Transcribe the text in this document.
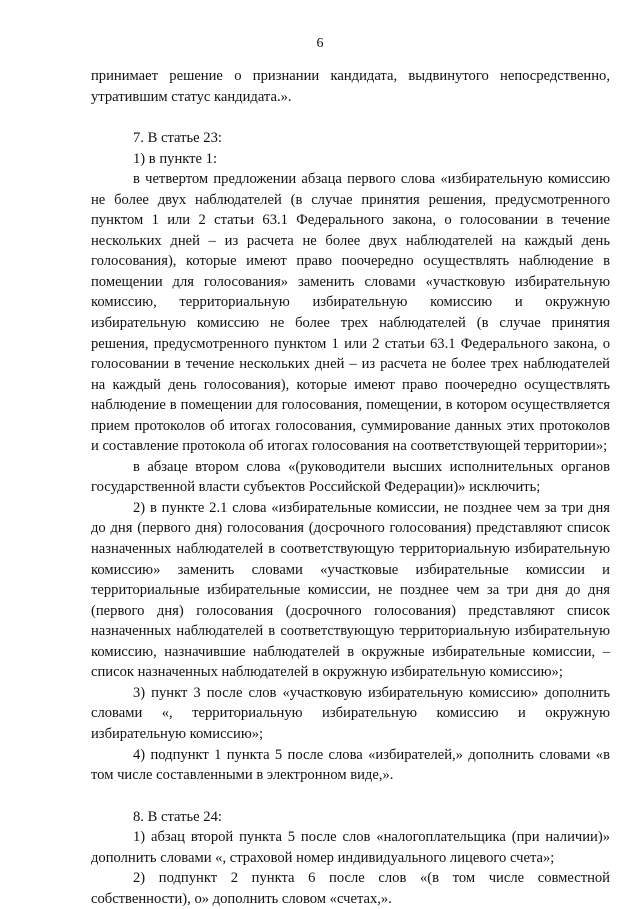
6

принимает решение о признании кандидата, выдвинутого непосредственно, утратившим статус кандидата.».

7. В статье 23:

1) в пункте 1:

в четвертом предложении абзаца первого слова «избирательную комиссию не более двух наблюдателей (в случае принятия решения, предусмотренного пунктом 1 или 2 статьи 63.1 Федерального закона, о голосовании в течение нескольких дней – из расчета не более двух наблюдателей на каждый день голосования), которые имеют право поочередно осуществлять наблюдение в помещении для голосования» заменить словами «участковую избирательную комиссию, территориальную избирательную комиссию и окружную избирательную комиссию не более трех наблюдателей (в случае принятия решения, предусмотренного пунктом 1 или 2 статьи 63.1 Федерального закона, о голосовании в течение нескольких дней – из расчета не более трех наблюдателей на каждый день голосования), которые имеют право поочередно осуществлять наблюдение в помещении для голосования, помещении, в котором осуществляется прием протоколов об итогах голосования, суммирование данных этих протоколов и составление протокола об итогах голосования на соответствующей территории»;

в абзаце втором слова «(руководители высших исполнительных органов государственной власти субъектов Российской Федерации)» исключить;

2) в пункте 2.1 слова «избирательные комиссии, не позднее чем за три дня до дня (первого дня) голосования (досрочного голосования) представляют список назначенных наблюдателей в соответствующую территориальную избирательную комиссию» заменить словами «участковые избирательные комиссии и территориальные избирательные комиссии, не позднее чем за три дня до дня (первого дня) голосования (досрочного голосования) представляют список назначенных наблюдателей в соответствующую территориальную избирательную комиссию, назначившие наблюдателей в окружные избирательные комиссии, – список назначенных наблюдателей в окружную избирательную комиссию»;

3) пункт 3 после слов «участковую избирательную комиссию» дополнить словами «, территориальную избирательную комиссию и окружную избирательную комиссию»;

4) подпункт 1 пункта 5 после слова «избирателей,» дополнить словами «в том числе составленными в электронном виде,».

8. В статье 24:

1) абзац второй пункта 5 после слов «налогоплательщика (при наличии)» дополнить словами «, страховой номер индивидуального лицевого счета»;

2) подпункт 2 пункта 6 после слов «(в том числе совместной собственности), о» дополнить словом «счетах,».
